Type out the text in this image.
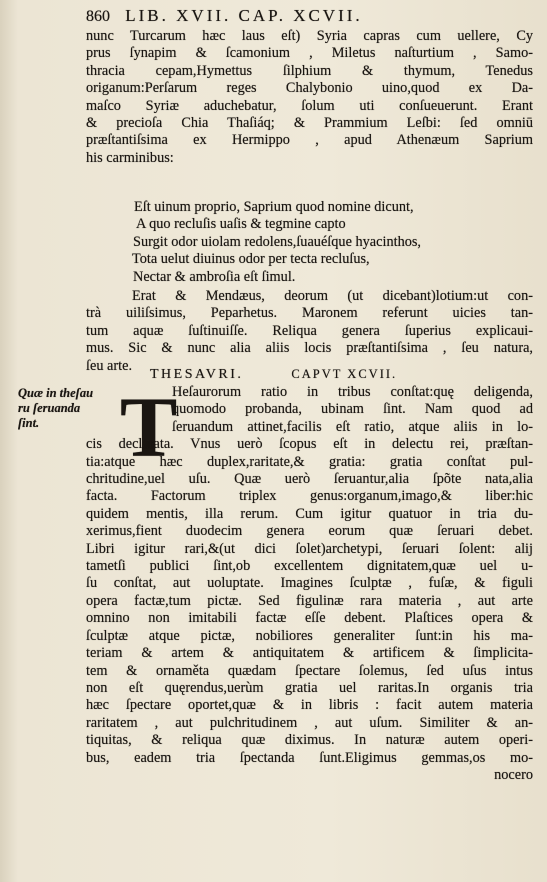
860 LIB. XVII. CAP. XCVII.
nunc Turcarum hæc laus eſt) Syria capras cum uellere, Cy
prus ſynapim & ſcamonium , Miletus naſturtium , Samo-
thracia cepam,Hymettus ſilphium & thymum, Tenedus
origanum:Perſarum reges Chalybonio uino,quod ex Da-
maſco Syriæ aduchebatur, ſolum uti conſueuerunt. Erant
& precioſa Chia Thaſiáq; & Prammium Leſbi: ſed omniū
præſtantiſsima ex Hermippo , apud Athenæum Saprium
his carminibus:
Eſt uinum proprio, Saprium quod nomine dicunt,
A quo recluſis uaſis & tegmine capto
Surgit odor uiolam redolens,ſuauéſque hyacinthos,
Tota uelut diuinus odor per tecta recluſus,
Nectar & ambroſia eſt ſimul.
Erat & Mendæus, deorum (ut dicebant)lotium:ut con-
trà uiliſsimus, Peparhetus. Maronem referunt uicies tan-
tum aquæ ſuſtinuiſſe. Reliqua genera ſuperius explicaui-
mus. Sic & nunc alia aliis locis præſtantiſsima , ſeu natura,
ſeu arte.
THESAVRI.	CAPVT XCVII.
Quæ in theſau
ru ſeruanda
ſint. T
Heſaurorum ratio in tribus conſtat:quę deligenda,
quomodo probanda, ubinam ſint. Nam quod ad
ſeruandum attinet,facilis eſt ratio, atque aliis in lo-
cis declarata. Vnus uerò ſcopus eſt in delectu rei, præſtan-
tia:atque hæc duplex,raritate,& gratia: gratia conſtat pul-
chritudine,uel uſu. Quæ uerò ſeruantur,alia ſpõte nata,alia
facta. Factorum triplex genus:organum,imago,& liber:hic
quidem mentis, illa rerum. Cum igitur quatuor in tria du-
xerimus,fient duodecim genera eorum quæ ſeruari debet.
Libri igitur rari,&(ut dici ſolet)archetypi, ſeruari ſolent: alij
tametſi publici ſint,ob excellentem dignitatem,quæ uel u-
ſu conſtat, aut uoluptate. Imagines ſculptæ , fuſæ, & figuli
opera factæ,tum pictæ. Sed figulinæ rara materia , aut arte
omnino non imitabili factæ eſſe debent. Plaſtices opera &
ſculptæ atque pictæ, nobiliores generaliter ſunt:in his ma-
teriam & artem & antiquitatem & artificem & ſimplicita-
tem & ornaměta quædam ſpectare ſolemus, ſed uſus intus
non eſt quęrendus,uerùm gratia uel raritas.In organis tria
hæc ſpectare oportet,quæ & in libris : facit autem materia
raritatem , aut pulchritudinem , aut uſum. Similiter & an-
tiquitas, & reliqua quæ diximus. In naturæ autem operi-
bus, eadem tria ſpectanda ſunt.Eligimus gemmas,os mo-
nocero
